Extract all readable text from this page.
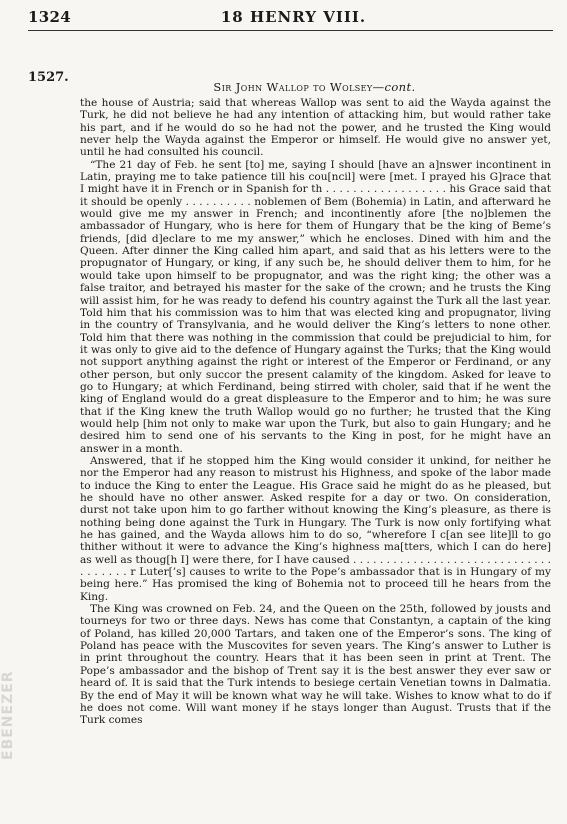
1324	18 HENRY VIII.
1527.
Sir John Wallop to Wolsey—cont.

the house of Austria; said that whereas Wallop was sent to aid the Wayda against the Turk, he did not believe he had any intention of attacking him, but would rather take his part, and if he would do so he had not the power, and he trusted the King would never help the Wayda against the Emperor or himself. He would give no answer yet, until he had consulted his council.

“The 21 day of Feb. he sent [to] me, saying I should [have an a]nswer incontinent in Latin, praying me to take patience till his cou[ncil] were [met. I prayed his G]race that I might have it in French or in Spanish for th . . . . . . . . . . . . . . . . . . his Grace said that it should be openly . . . . . . . . . . noblemen of Bem (Bohemia) in Latin, and afterward he would give me my answer in French; and incontinently afore [the no]blemen the ambassador of Hungary, who is here for them of Hungary that be the king of Beme’s friends, [did d]eclare to me my answer,” which he encloses. Dined with him and the Queen. After dinner the King called him apart, and said that as his letters were to the propugnator of Hungary, or king, if any such be, he should deliver them to him, for he would take upon himself to be propugnator, and was the right king; the other was a false traitor, and betrayed his master for the sake of the crown; and he trusts the King will assist him, for he was ready to defend his country against the Turk all the last year. Told him that his commission was to him that was elected king and propugnator, living in the country of Transylvania, and he would deliver the King’s letters to none other. Told him that there was nothing in the commission that could be prejudicial to him, for it was only to give aid to the defence of Hungary against the Turks; that the King would not support anything against the right or interest of the Emperor or Ferdinand, or any other person, but only succor the present calamity of the kingdom. Asked for leave to go to Hungary; at which Ferdinand, being stirred with choler, said that if he went the king of England would do a great displeasure to the Emperor and to him; he was sure that if the King knew the truth Wallop would go no further; he trusted that the King would help [him not only to make war upon the Turk, but also to gain Hungary; and he desired him to send one of his servants to the King in post, for he might have an answer in a month.

Answered, that if he stopped him the King would consider it unkind, for neither he nor the Emperor had any reason to mistrust his Highness, and spoke of the labor made to induce the King to enter the League. His Grace said he might do as he pleased, but he should have no other answer. Asked respite for a day or two. On consideration, durst not take upon him to go farther without knowing the King’s pleasure, as there is nothing being done against the Turk in Hungary. The Turk is now only fortifying what he has gained, and the Wayda allows him to do so, “wherefore I c[an see lite]ll to go thither without it were to advance the King’s highness ma[tters, which I can do here] as well as thoug[h I] were there, for I have caused . . . . . . . . . . . . . . . . . . . . . . . . . . . . . . . . . . . . . r Luter[’s] causes to write to the Pope’s ambassador that is in Hungary of my being here.” Has promised the king of Bohemia not to proceed till he hears from the King.

The King was crowned on Feb. 24, and the Queen on the 25th, followed by jousts and tourneys for two or three days. News has come that Constantyn, a captain of the king of Poland, has killed 20,000 Tartars, and taken one of the Emperor’s sons. The king of Poland has peace with the Muscovites for seven years. The King’s answer to Luther is in print throughout the country. Hears that it has been seen in print at Trent. The Pope’s ambassador and the bishop of Trent say it is the best answer they ever saw or heard of. It is said that the Turk intends to besiege certain Venetian towns in Dalmatia. By the end of May it will be known what way he will take. Wishes to know what to do if he does not come. Will want money if he stays longer than August. Trusts that if the Turk comes

EBENEZER
